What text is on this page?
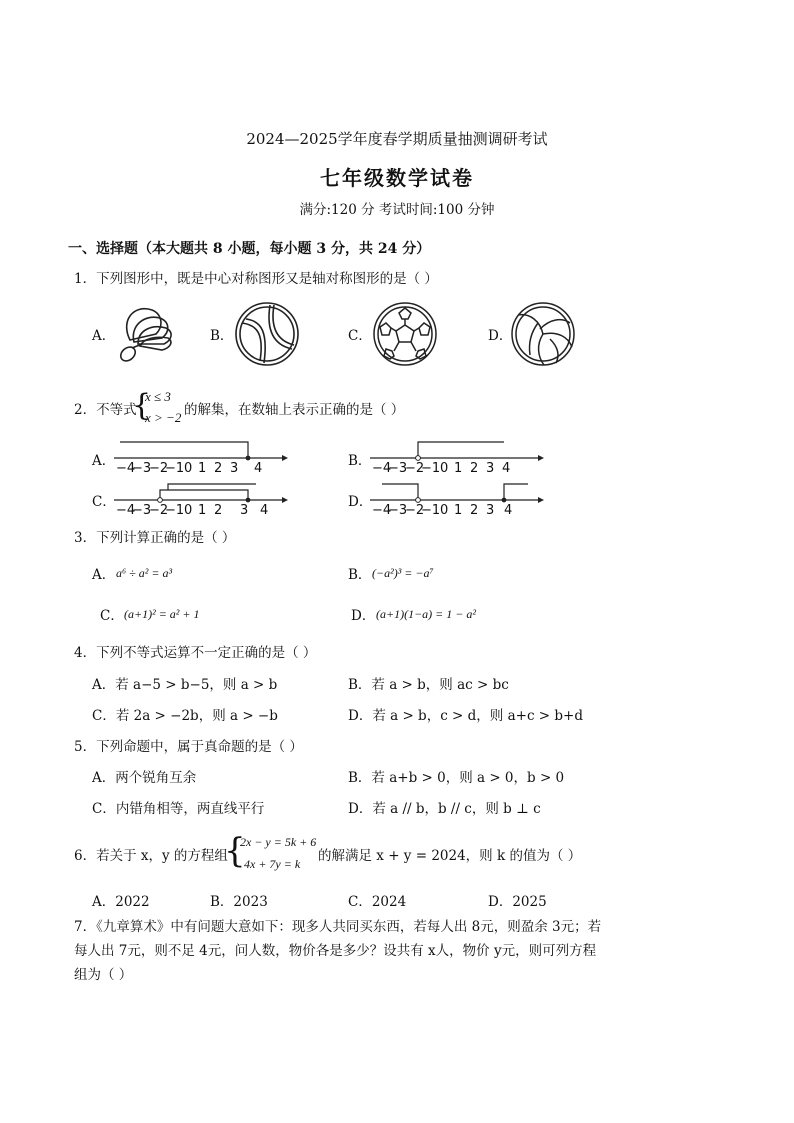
2024—2025学年度春学期质量抽测调研考试
七年级数学试卷
满分:120 分 考试时间:100 分钟
一、选择题（本大题共 8 小题，每小题 3 分，共 24 分）
1．下列图形中，既是中心对称图形又是轴对称图形的是（ ）
A．	B．	C．	D．
2．不等式
{
x ≤ 3
x > −2 的解集，在数轴上表示正确的是（ ）
A．	B．
C．	D．
−4
−3
−2
−1 0 1 2 3 4	−4
−3
−2
−1 0 1 2 3 4
−4
−3
−2
−1 0 1 2 3 4	−4
−3
−2
−1 0 1 2 3 4
3．下列计算正确的是（ ）
A． a⁶ ÷ a² = a³	B． (−a²)³ = −a⁷
C． (a+1)² = a² + 1	D． (a+1)(1−a) = 1 − a²
4．下列不等式运算不一定正确的是（ ）
A．若 a−5 > b−5，则 a > b	B．若 a > b，则 ac > bc
C．若 2a > −2b，则 a > −b	D．若 a > b，c > d，则 a+c > b+d
5．下列命题中，属于真命题的是（ ）
A．两个锐角互余	B．若 a+b > 0，则 a > 0，b > 0
C．内错角相等，两直线平行	D．若 a // b，b // c，则 b ⊥ c
6．若关于 x，y 的方程组
{
2x − y = 5k + 6
4x + 7y = k 的解满足 x + y = 2024，则 k 的值为（ ）
A．2022	B．2023	C．2024	D．2025
7．《九章算术》中有问题大意如下：现多人共同买东西，若每人出 8元，则盈余 3元；若
每人出 7元，则不足 4元，问人数，物价各是多少？设共有 x人，物价 y元，则可列方程
组为（ ）
